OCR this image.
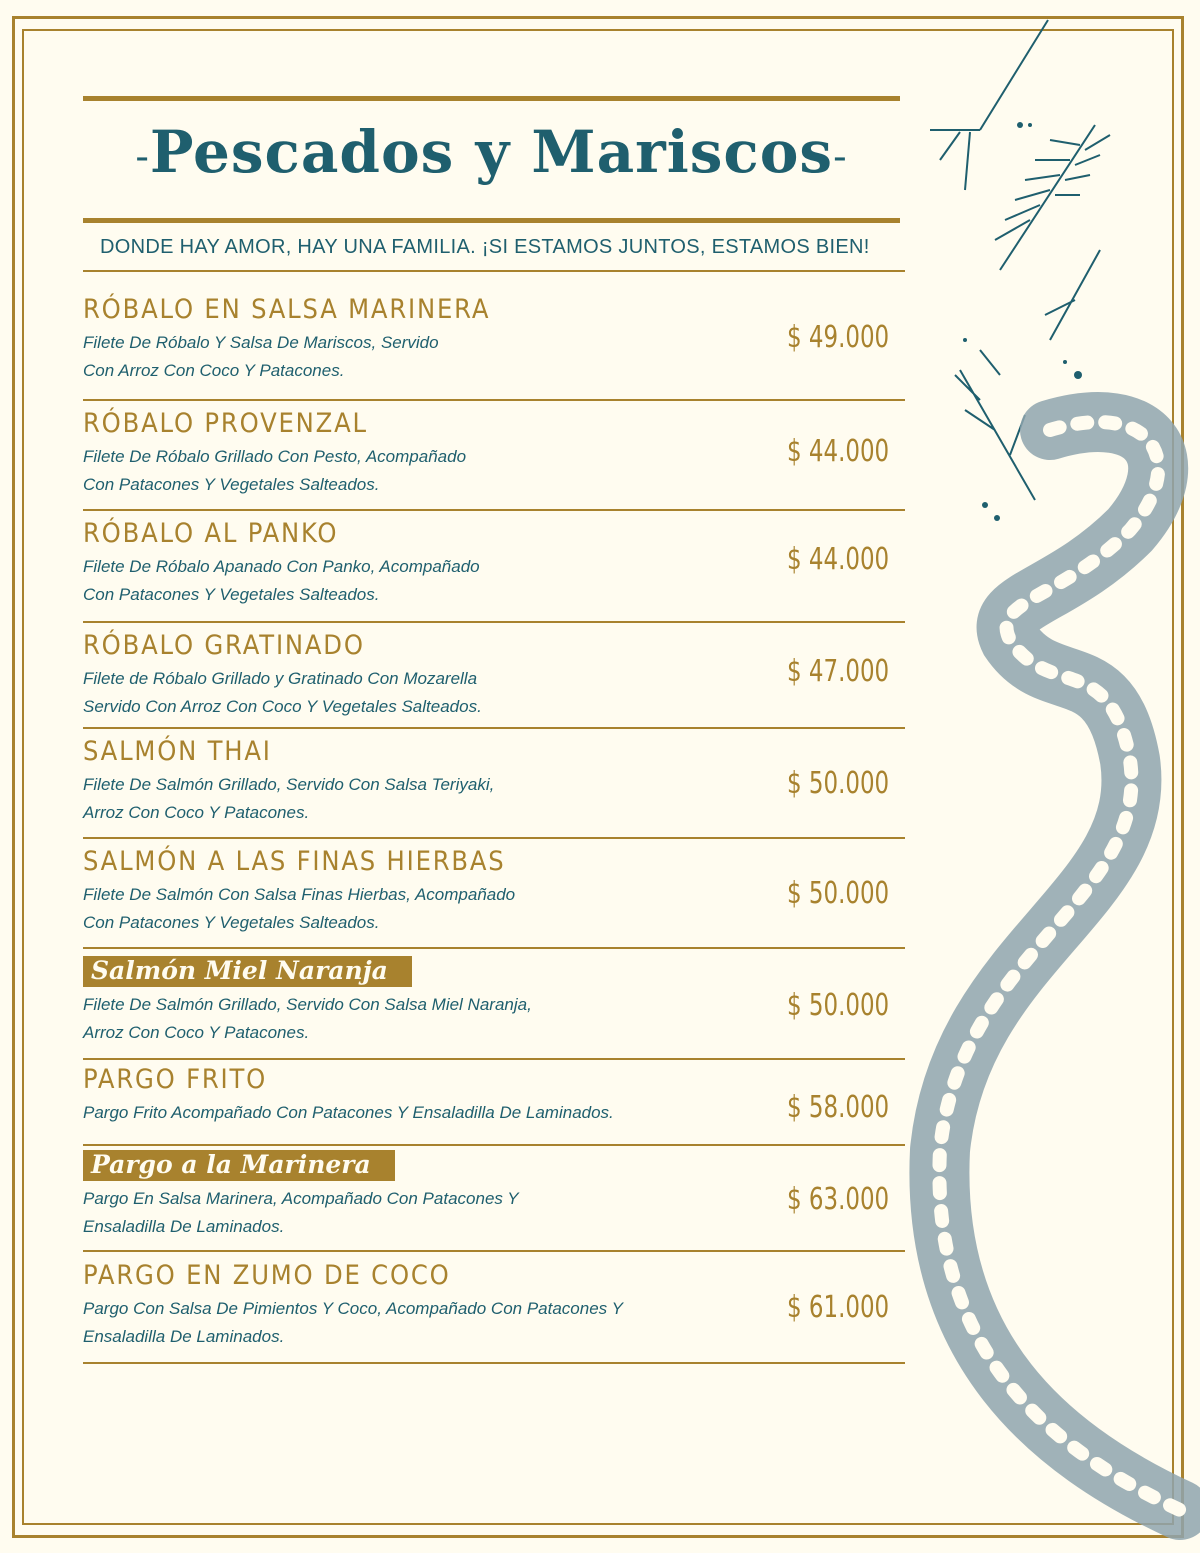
-Pescados y Mariscos-
DONDE HAY AMOR, HAY UNA FAMILIA. ¡SI ESTAMOS JUNTOS, ESTAMOS BIEN!
RÓBALO EN SALSA MARINERA
Filete De Róbalo Y Salsa De Mariscos, Servido
Con Arroz Con Coco Y Patacones.
$ 49.000
RÓBALO PROVENZAL
Filete De Róbalo Grillado Con Pesto, Acompañado
Con Patacones Y Vegetales Salteados.
$ 44.000
RÓBALO AL PANKO
Filete De Róbalo Apanado Con Panko, Acompañado
Con Patacones Y Vegetales Salteados.
$ 44.000
RÓBALO GRATINADO
Filete de Róbalo Grillado y Gratinado Con Mozarella
Servido Con Arroz Con Coco Y Vegetales Salteados.
$ 47.000
SALMÓN THAI
Filete De Salmón Grillado, Servido Con Salsa Teriyaki,
Arroz Con Coco Y Patacones.
$ 50.000
SALMÓN A LAS FINAS HIERBAS
Filete De Salmón Con Salsa Finas Hierbas, Acompañado
Con Patacones Y Vegetales Salteados.
$ 50.000
Salmón Miel Naranja
Filete De Salmón Grillado, Servido Con Salsa Miel Naranja,
Arroz Con Coco Y Patacones.
$ 50.000
PARGO FRITO
Pargo Frito Acompañado Con Patacones Y Ensaladilla De Laminados.	$ 58.000
Pargo a la Marinera
Pargo En Salsa Marinera, Acompañado Con Patacones Y
Ensaladilla De Laminados.
$ 63.000
PARGO EN ZUMO DE COCO
Pargo Con Salsa De Pimientos Y Coco, Acompañado Con Patacones Y
Ensaladilla De Laminados.
$ 61.000
